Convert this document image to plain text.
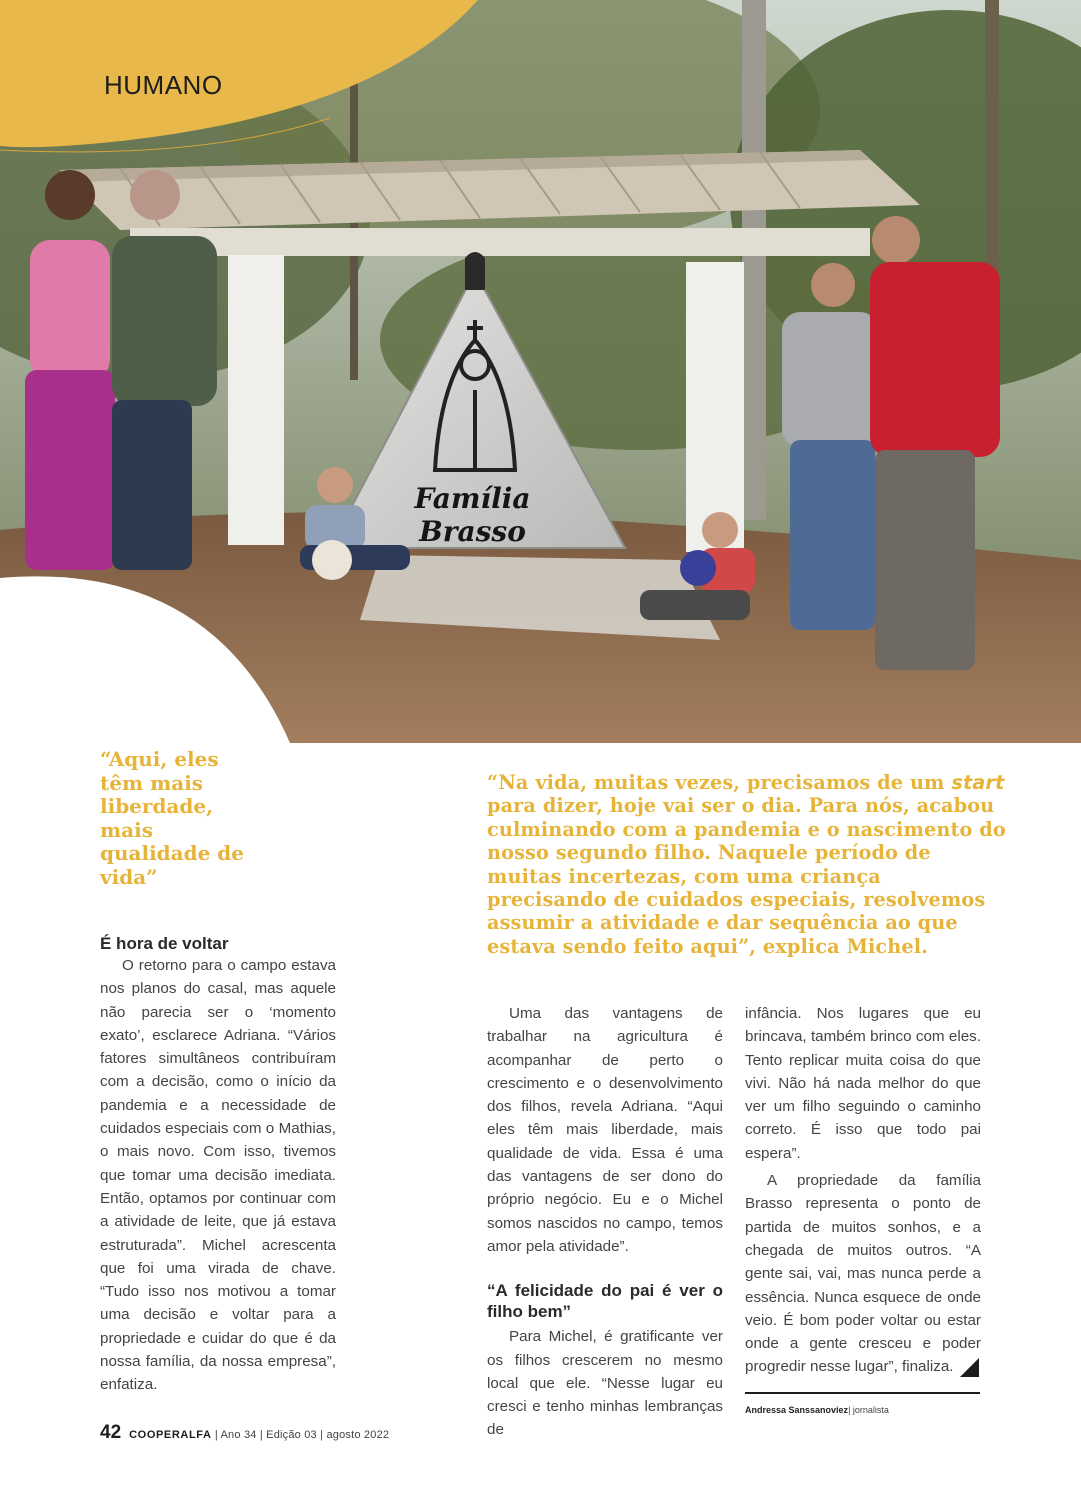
Família Brasso
HUMANO
“Aqui, eles têm mais liberdade, mais qualidade de vida”
“Na vida, muitas vezes, precisamos de um start para dizer, hoje vai ser o dia. Para nós, acabou culminando com a pandemia e o nascimento do nosso segundo filho. Naquele período de muitas incertezas, com uma criança precisando de cuidados especiais, resolvemos assumir a atividade e dar sequência ao que estava sendo feito aqui”, explica Michel.
É hora de voltar

O retorno para o campo estava nos planos do casal, mas aquele não parecia ser o ‘momento exato’, esclarece Adriana. “Vários fatores simultâneos contribuíram com a decisão, como o início da pandemia e a necessidade de cuidados especiais com o Mathias, o mais novo. Com isso, tivemos que tomar uma decisão imediata. Então, optamos por continuar com a atividade de leite, que já estava estruturada”. Michel acrescenta que foi uma virada de chave. “Tudo isso nos motivou a tomar uma decisão e voltar para a propriedade e cuidar do que é da nossa família, da nossa empresa”, enfatiza.

Uma das vantagens de trabalhar na agricultura é acompanhar de perto o crescimento e o desenvolvimento dos filhos, revela Adriana. “Aqui eles têm mais liberdade, mais qualidade de vida. Essa é uma das vantagens de ser dono do próprio negócio. Eu e o Michel somos nascidos no campo, temos amor pela atividade”.

“A felicidade do pai é ver o filho bem”

Para Michel, é gratificante ver os filhos crescerem no mesmo local que ele. “Nesse lugar eu cresci e tenho minhas lembranças de

infância. Nos lugares que eu brincava, também brinco com eles. Tento replicar muita coisa do que vivi. Não há nada melhor do que ver um filho seguindo o caminho correto. É isso que todo pai espera”.

A propriedade da família Brasso representa o ponto de partida de muitos sonhos, e a chegada de muitos outros. “A gente sai, vai, mas nunca perde a essência. Nunca esquece de onde veio. É bom poder voltar ou estar onde a gente cresceu e poder progredir nesse lugar”, finaliza.

Andressa Sanssanoviez| jornalista
42 COOPERALFA | Ano 34 | Edição 03 | agosto 2022
